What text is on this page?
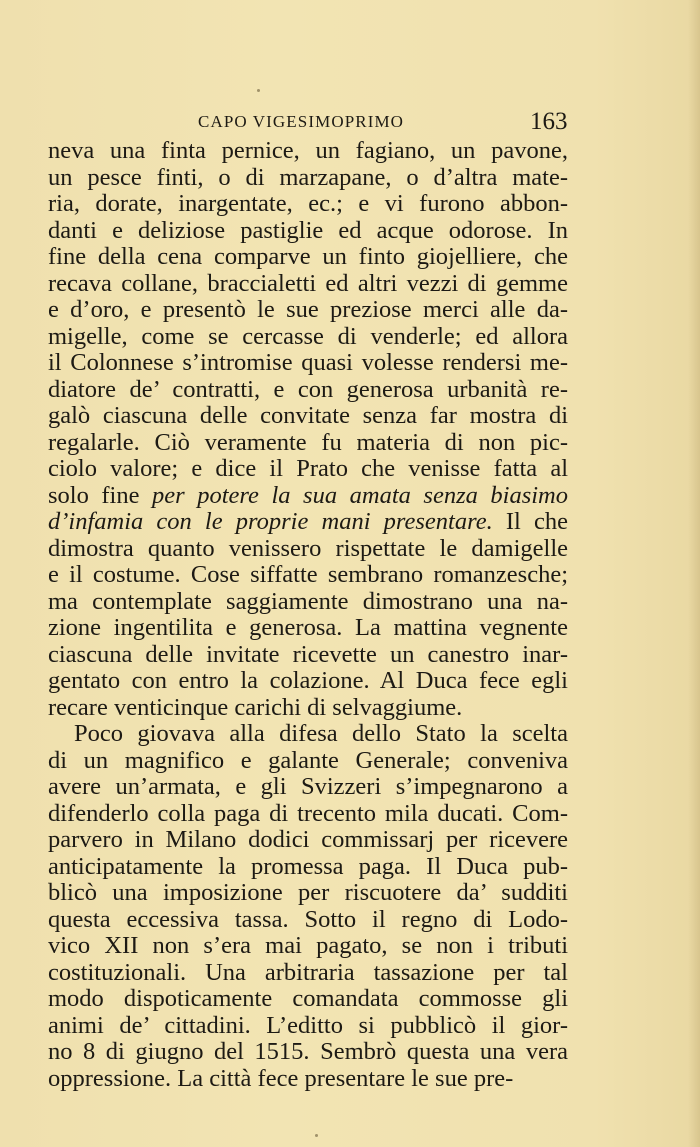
CAPO VIGESIMOPRIMO	163
neva una finta pernice, un fagiano, un pavone,
un pesce finti, o di marzapane, o d’altra mate-
ria, dorate, inargentate, ec.; e vi furono abbon-
danti e deliziose pastiglie ed acque odorose. In
fine della cena comparve un finto giojelliere, che
recava collane, braccialetti ed altri vezzi di gemme
e d’oro, e presentò le sue preziose merci alle da-
migelle, come se cercasse di venderle; ed allora
il Colonnese s’intromise quasi volesse rendersi me-
diatore de’ contratti, e con generosa urbanità re-
galò ciascuna delle convitate senza far mostra di
regalarle. Ciò veramente fu materia di non pic-
ciolo valore; e dice il Prato che venisse fatta al
solo fine per potere la sua amata senza biasimo
d’infamia con le proprie mani presentare. Il che
dimostra quanto venissero rispettate le damigelle
e il costume. Cose siffatte sembrano romanzesche;
ma contemplate saggiamente dimostrano una na-
zione ingentilita e generosa. La mattina vegnente
ciascuna delle invitate ricevette un canestro inar-
gentato con entro la colazione. Al Duca fece egli
recare venticinque carichi di selvaggiume.
Poco giovava alla difesa dello Stato la scelta
di un magnifico e galante Generale; conveniva
avere un’armata, e gli Svizzeri s’impegnarono a
difenderlo colla paga di trecento mila ducati. Com-
parvero in Milano dodici commissarj per ricevere
anticipatamente la promessa paga. Il Duca pub-
blicò una imposizione per riscuotere da’ sudditi
questa eccessiva tassa. Sotto il regno di Lodo-
vico XII non s’era mai pagato, se non i tributi
costituzionali. Una arbitraria tassazione per tal
modo dispoticamente comandata commosse gli
animi de’ cittadini. L’editto si pubblicò il gior-
no 8 di giugno del 1515. Sembrò questa una vera
oppressione. La città fece presentare le sue pre-
